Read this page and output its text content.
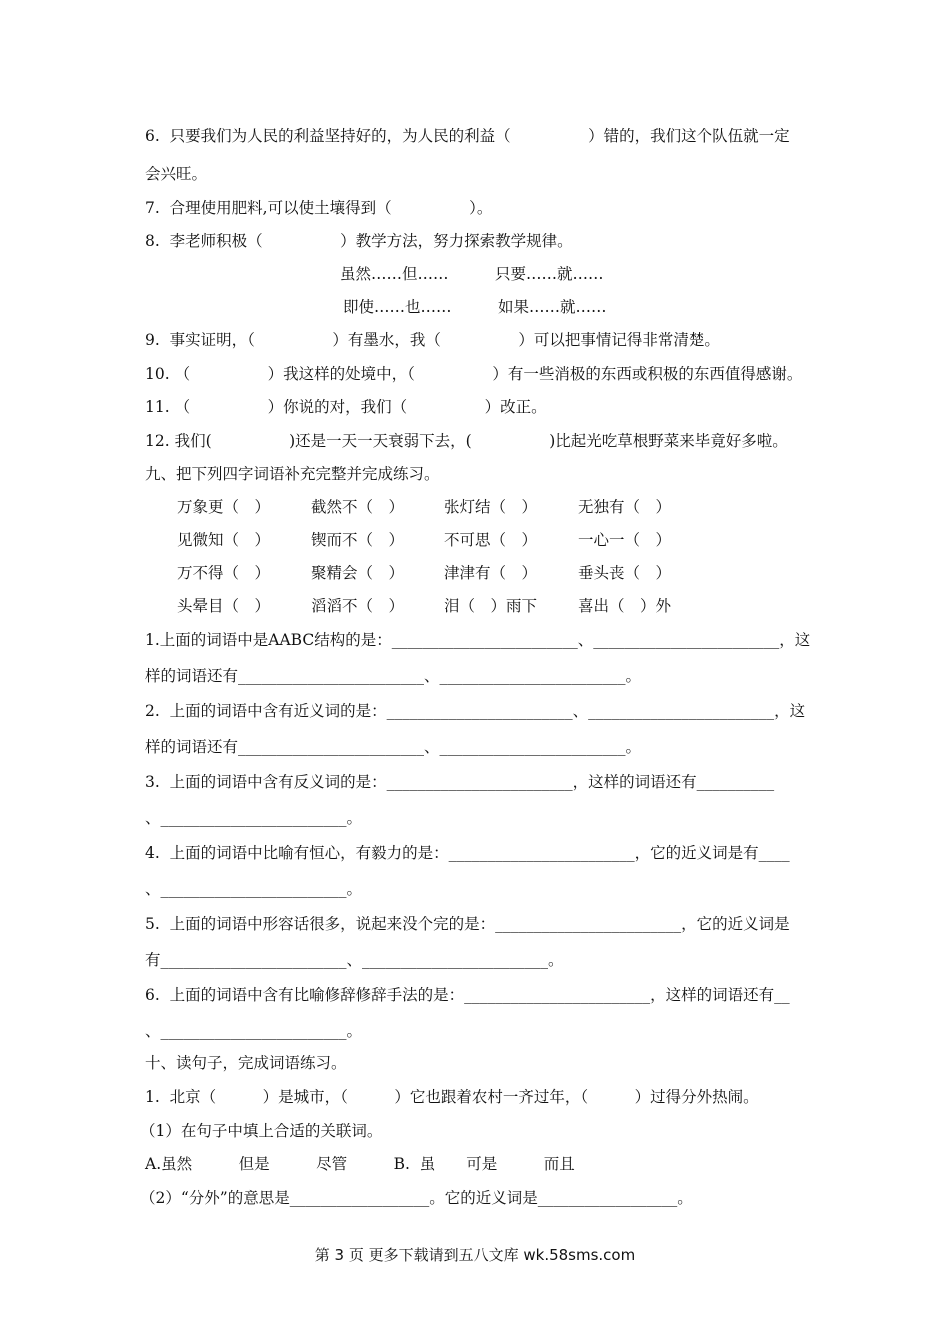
6.  只要我们为人民的利益坚持好的，为人民的利益（　　　　　）错的，我们这个队伍就一定
会兴旺。
7.  合理使用肥料,可以使土壤得到（　　　　　）。
8.  李老师积极（　　　　　）教学方法，努力探索教学规律。
虽然……但……　　　只要……就……
即使……也……　　　如果……就……
9.  事实证明，（　　　　　）有墨水，我（　　　　　）可以把事情记得非常清楚。
10. （　　　　　）我这样的处境中，（　　　　　）有一些消极的东西或积极的东西值得感谢。
11. （　　　　　）你说的对，我们（　　　　　）改正。
12. 我们(　　　　　)还是一天一天衰弱下去，(　　　　　)比起光吃草根野菜来毕竟好多啦。
九、把下列四字词语补充完整并完成练习。
万象更（　）	截然不（　）	张灯结（　）	无独有（　）
见微知（　）	锲而不（　）	不可思（　）	一心一（　）
万不得（　）	聚精会（　）	津津有（　）	垂头丧（　）
头晕目（　）	滔滔不（　）	泪（　）雨下	喜出（　）外
1.上面的词语中是AABC结构的是：________________________、________________________，这
样的词语还有________________________、________________________。
2.  上面的词语中含有近义词的是：________________________、________________________，这
样的词语还有________________________、________________________。
3.  上面的词语中含有反义词的是：________________________，这样的词语还有__________
、________________________。
4.  上面的词语中比喻有恒心，有毅力的是：________________________，它的近义词是有____
、________________________。
5.  上面的词语中形容话很多，说起来没个完的是：________________________，它的近义词是
有________________________、________________________。
6.  上面的词语中含有比喻修辞修辞手法的是：________________________，这样的词语还有__
、________________________。
十、读句子，完成词语练习。
1.  北京（　　　）是城市，（　　　）它也跟着农村一齐过年，（　　　）过得分外热闹。
（1）在句子中填上合适的关联词。
A.虽然　　　但是　　　尽管　　　B.  虽　　可是　　　而且
（2）“分外”的意思是__________________。它的近义词是__________________。
第 3 页 更多下载请到五八文库 wk.58sms.com
